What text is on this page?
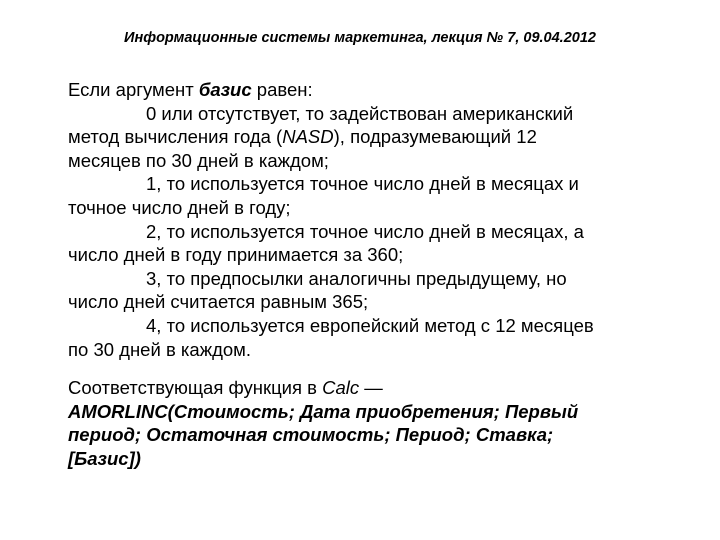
Информационные системы маркетинга, лекция № 7, 09.04.2012
Если аргумент базис равен:
0 или отсутствует, то задействован американский
метод вычисления года (NASD), подразумевающий 12
месяцев по 30 дней в каждом;
1, то используется точное число дней в месяцах и
точное число дней в году;
2, то используется точное число дней в месяцах, а
число дней в году принимается за 360;
3, то предпосылки аналогичны предыдущему, но
число дней считается равным 365;
4, то используется европейский метод с 12 месяцев
по 30 дней в каждом.
Соответствующая функция в Calc —
AMORLINC(Стоимость; Дата приобретения; Первый
период; Остаточная стоимость; Период; Ставка;
[Базис])
